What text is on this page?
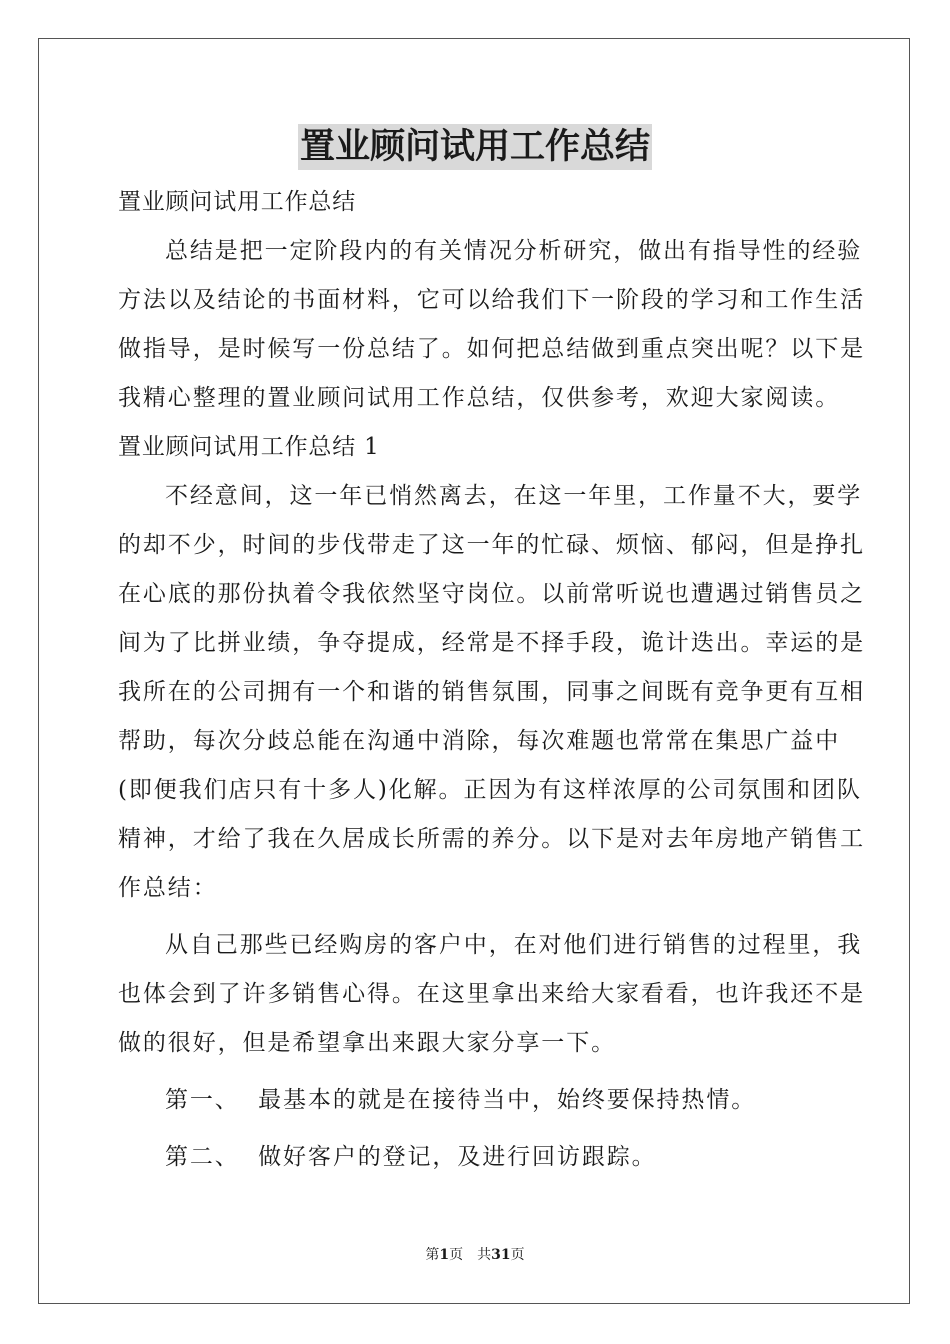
置业顾问试用工作总结
置业顾问试用工作总结
总结是把一定阶段内的有关情况分析研究，做出有指导性的经验
方法以及结论的书面材料，它可以给我们下一阶段的学习和工作生活
做指导，是时候写一份总结了。如何把总结做到重点突出呢？以下是
我精心整理的置业顾问试用工作总结，仅供参考，欢迎大家阅读。
置业顾问试用工作总结 1
不经意间，这一年已悄然离去，在这一年里，工作量不大，要学
的却不少，时间的步伐带走了这一年的忙碌、烦恼、郁闷，但是挣扎
在心底的那份执着令我依然坚守岗位。以前常听说也遭遇过销售员之
间为了比拼业绩，争夺提成，经常是不择手段，诡计迭出。幸运的是
我所在的公司拥有一个和谐的销售氛围，同事之间既有竞争更有互相
帮助，每次分歧总能在沟通中消除，每次难题也常常在集思广益中
(即便我们店只有十多人)化解。正因为有这样浓厚的公司氛围和团队
精神，才给了我在久居成长所需的养分。以下是对去年房地产销售工
作总结：
从自己那些已经购房的客户中，在对他们进行销售的过程里，我
也体会到了许多销售心得。在这里拿出来给大家看看，也许我还不是
做的很好，但是希望拿出来跟大家分享一下。
第一、  最基本的就是在接待当中，始终要保持热情。
第二、  做好客户的登记，及进行回访跟踪。
第1页 共31页
